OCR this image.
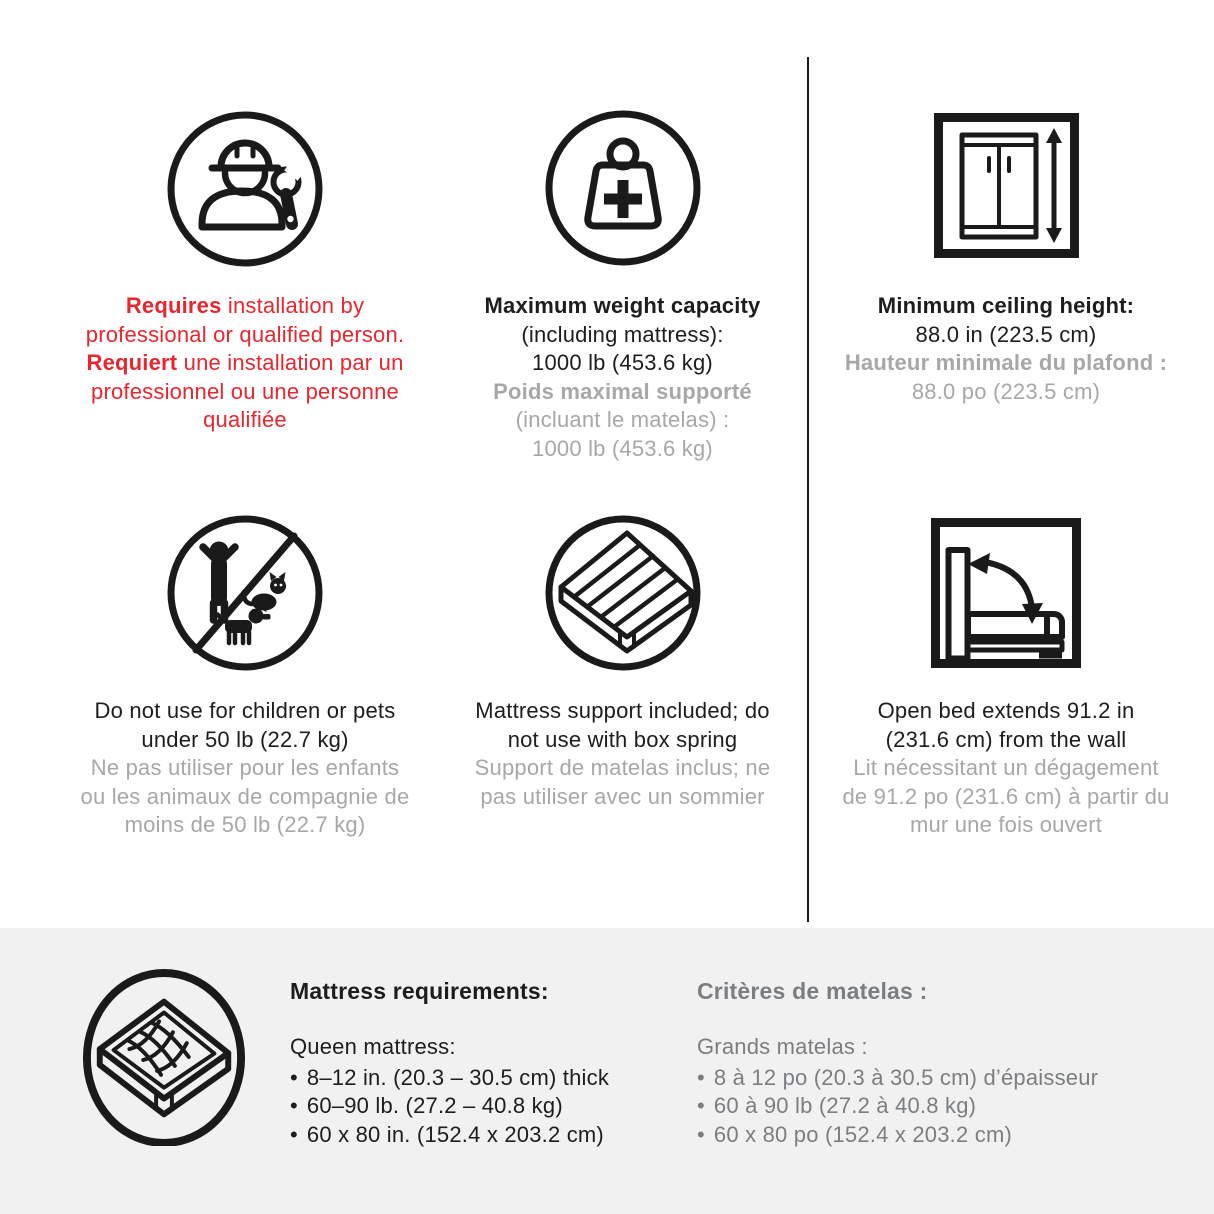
Requires installation by professional or qualified person.

Requiert une installation par un professionnel ou une personne qualifiée

Maximum weight capacity
(including mattress):
1000 lb (453.6 kg)
Poids maximal supporté
(incluant le matelas) :
1000 lb (453.6 kg)
Minimum ceiling height:
88.0 in (223.5 cm)
Hauteur minimale du plafond :
88.0 po (223.5 cm)
Do not use for children or pets
under 50 lb (22.7 kg)
Ne pas utiliser pour les enfants
ou les animaux de compagnie de
moins de 50 lb (22.7 kg)
Mattress support included; do
not use with box spring
Support de matelas inclus; ne
pas utiliser avec un sommier
Open bed extends 91.2 in
(231.6 cm) from the wall
Lit nécessitant un dégagement
de 91.2 po (231.6 cm) à partir du
mur une fois ouvert
Mattress requirements:

Queen mattress:

• 8–12 in. (20.3 – 30.5 cm) thick
• 60–90 lb. (27.2 – 40.8 kg)
• 60 x 80 in. (152.4 x 203.2 cm)
Critères de matelas :

Grands matelas :

• 8 à 12 po (20.3 à 30.5 cm) d’épaisseur
• 60 à 90 lb (27.2 à 40.8 kg)
• 60 x 80 po (152.4 x 203.2 cm)
